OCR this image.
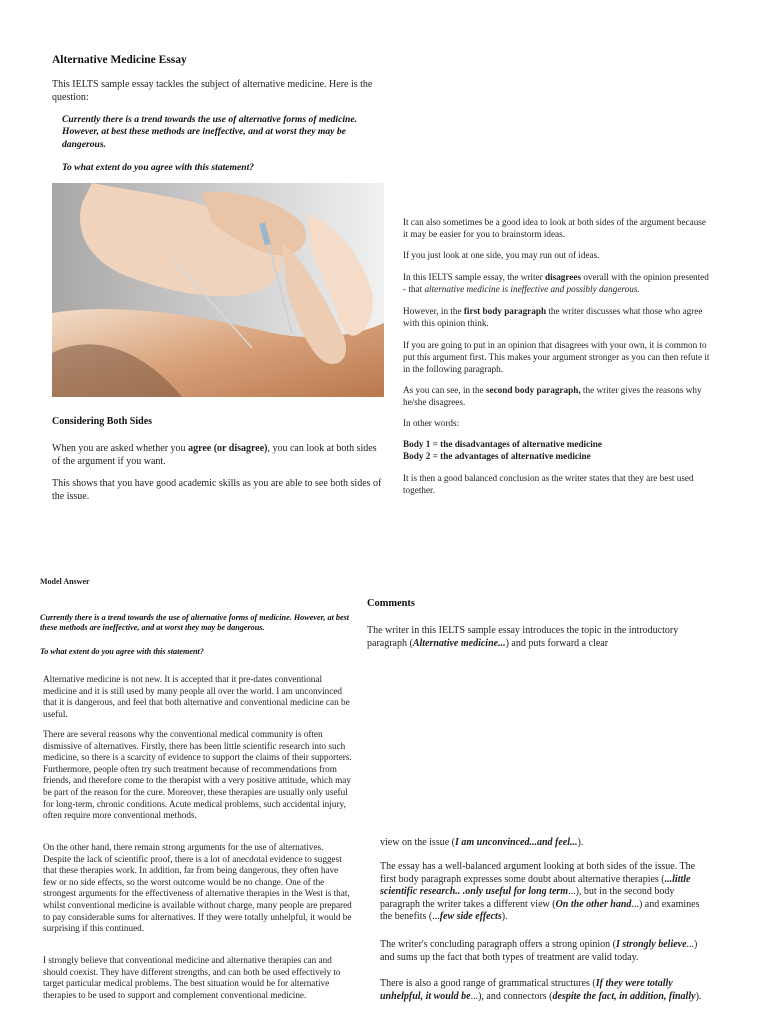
Alternative Medicine Essay

This IELTS sample essay tackles the subject of alternative medicine. Here is the question:

Currently there is a trend towards the use of alternative forms of medicine. However, at best these methods are ineffective, and at worst they may be dangerous.

To what extent do you agree with this statement?

Considering Both Sides

When you are asked whether you agree (or disagree), you can look at both sides of the argument if you want.

This shows that you have good academic skills as you are able to see both sides of the issue.

It can also sometimes be a good idea to look at both sides of the argument because it may be easier for you to brainstorm ideas.

If you just look at one side, you may run out of ideas.

In this IELTS sample essay, the writer disagrees overall with the opinion presented - that alternative medicine is ineffective and possibly dangerous.

However, in the first body paragraph the writer discusses what those who agree with this opinion think.

If you are going to put in an opinion that disagrees with your own, it is common to put this argument first. This makes your argument stronger as you can then refute it in the following paragraph.

As you can see, in the second body paragraph, the writer gives the reasons why he/she disagrees.

In other words:

Body 1 = the disadvantages of alternative medicine

Body 2 = the advantages of alternative medicine

It is then a good balanced conclusion as the writer states that they are best used together.

Model Answer

Currently there is a trend towards the use of alternative forms of medicine. However, at best these methods are ineffective, and at worst they may be dangerous.

To what extent do you agree with this statement?

Alternative medicine is not new. It is accepted that it pre-dates conventional medicine and it is still used by many people all over the world. I am unconvinced that it is dangerous, and feel that both alternative and conventional medicine can be useful.

There are several reasons why the conventional medical community is often dismissive of alternatives. Firstly, there has been little scientific research into such medicine, so there is a scarcity of evidence to support the claims of their supporters. Furthermore, people often try such treatment because of recommendations from friends, and therefore come to the therapist with a very positive attitude, which may be part of the reason for the cure. Moreover, these therapies are usually only useful for long-term, chronic conditions. Acute medical problems, such accidental injury, often require more conventional methods.

On the other hand, there remain strong arguments for the use of alternatives. Despite the lack of scientific proof, there is a lot of anecdotal evidence to suggest that these therapies work. In addition, far from being dangerous, they often have few or no side effects, so the worst outcome would be no change. One of the strongest arguments for the effectiveness of alternative therapies in the West is that, whilst conventional medicine is available without charge, many people are prepared to pay considerable sums for alternatives. If they were totally unhelpful, it would be surprising if this continued.

I strongly believe that conventional medicine and alternative therapies can and should coexist. They have different strengths, and can both be used effectively to target particular medical problems. The best situation would be for alternative therapies to be used to support and complement conventional medicine.

Comments

The writer in this IELTS sample essay introduces the topic in the introductory paragraph (Alternative medicine...) and puts forward a clear

view on the issue (I am unconvinced...and feel...).

The essay has a well-balanced argument looking at both sides of the issue. The first body paragraph expresses some doubt about alternative therapies (...little scientific research.. .only useful for long term...), but in the second body paragraph the writer takes a different view (On the other hand...) and examines the benefits (...few side effects).

The writer's concluding paragraph offers a strong opinion (I strongly believe...) and sums up the fact that both types of treatment are valid today.

There is also a good range of grammatical structures (If they were totally unhelpful, it would be...), and connectors (despite the fact, in addition, finally).
